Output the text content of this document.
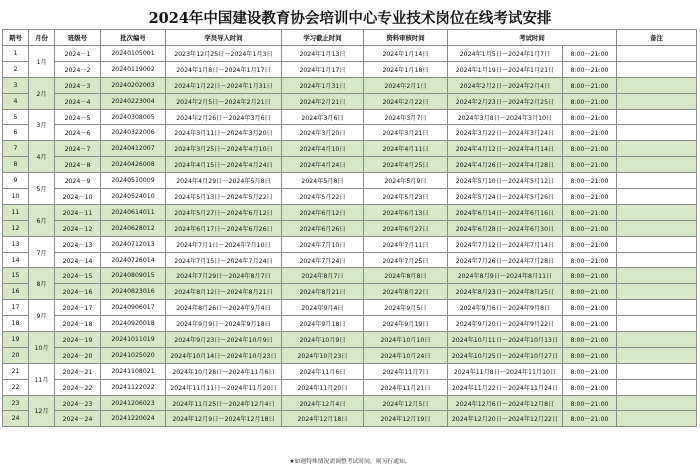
2024年中国建设教育协会培训中心专业技术岗位在线考试安排
期号	月份	班级号	批次编号	学员导入时间	学习截止时间	资料审核时间	考试时间		备注
1	1月	2024－1	20240105001	2023年12月25日～2024年1月3日	2024年1月13日	2024年1月14日	2024年1月5日～2024年1月7日	8:00～21:00	
2		2024－2	20240119002	2024年1月8日～2024年1月17日	2024年1月17日	2024年1月18日	2024年1月19日～2024年1月21日	8:00～21:00	
3	2月	2024－3	20240202003	2024年1月22日～2024年1月31日	2024年1月31日	2024年2月1日	2024年2月2日～2024年2月4日	8:00～21:00	
4		2024－4	20240223004	2024年2月5日～2024年2月21日	2024年2月21日	2024年2月22日	2024年2月23日～2024年2月25日	8:00～21:00	
5	3月	2024－5	20240308005	2024年2月26日～2024年3月6日	2024年3月6日	2024年3月7日	2024年3月8日～2024年3月10日	8:00～21:00	
6		2024－6	20240322006	2024年3月11日～2024年3月20日	2024年3月20日	2024年3月21日	2024年3月22日～2024年3月24日	8:00～21:00	
7	4月	2024－7	20240412007	2024年3月25日～2024年4月10日	2024年4月10日	2024年4月11日	2024年4月12日～2024年4月14日	8:00～21:00	
8		2024－8	20240426008	2024年4月15日～2024年4月24日	2024年4月24日	2024年4月25日	2024年4月26日～2024年4月28日	8:00～21:00	
9	5月	2024－9	20240510009	2024年4月29日～2024年5月8日	2024年5月8日	2024年5月9日	2024年5月10日～2024年5月12日	8:00～21:00	
10		2024－10	20240524010	2024年5月13日～2024年5月22日	2024年5月22日	2024年5月23日	2024年5月24日～2024年5月26日	8:00～21:00	
11	6月	2024－11	20240614011	2024年5月27日～2024年6月12日	2024年6月12日	2024年6月13日	2024年6月14日～2024年6月16日	8:00～21:00	
12		2024－12	20240628012	2024年6月17日～2024年6月26日	2024年6月26日	2024年6月27日	2024年6月28日～2024年6月30日	8:00～21:00	
13	7月	2024－13	20240712013	2024年7月1日～2024年7月10日	2024年7月10日	2024年7月11日	2024年7月12日～2024年7月14日	8:00～21:00	
14		2024－14	20240726014	2024年7月15日～2024年7月24日	2024年7月24日	2024年7月25日	2024年7月26日～2024年7月28日	8:00～21:00	
15	8月	2024－15	20240809015	2024年7月29日～2024年8月7日	2024年8月7日	2024年8月8日	2024年8月9日～2024年8月11日	8:00～21:00	
16		2024－16	20240823016	2024年8月12日～2024年8月21日	2024年8月21日	2024年8月22日	2024年8月23日～2024年8月25日	8:00～21:00	
17	9月	2024－17	20240906017	2024年8月26日～2024年9月4日	2024年9月4日	2024年9月5日	2024年9月6日～2024年9月8日	8:00～21:00	
18		2024－18	20240920018	2024年9月9日～2024年9月18日	2024年9月18日	2024年9月19日	2024年9月20日～2024年9月22日	8:00～21:00	
19	10月	2024－19	20241011019	2024年9月23日～2024年10月9日	2024年10月9日	2024年10月10日	2024年10月11日～2024年10月13日	8:00～21:00	
20		2024－20	20241025020	2024年10月14日～2024年10月23日	2024年10月23日	2024年10月24日	2024年10月25日～2024年10月27日	8:00～21:00	
21	11月	2024－21	20241108021	2024年10月28日～2024年11月6日	2024年11月6日	2024年11月7日	2024年11月8日～2024年11月10日	8:00～21:00	
22		2024－22	20241122022	2024年11月11日～2024年11月20日	2024年11月20日	2024年11月21日	2024年11月22日～2024年11月24日	8:00～21:00	
23	12月	2024－23	20241206023	2024年11月25日～2024年12月4日	2024年12月4日	2024年12月5日	2024年12月6日～2024年12月8日	8:00～21:00	
24		2024－24	20241220024	2024年12月9日～2024年12月18日	2024年12月18日	2024年12月19日	2024年12月20日～2024年12月22日	8:00～21:00	
★如遇特殊情况需调整考试时间，则另行通知。
